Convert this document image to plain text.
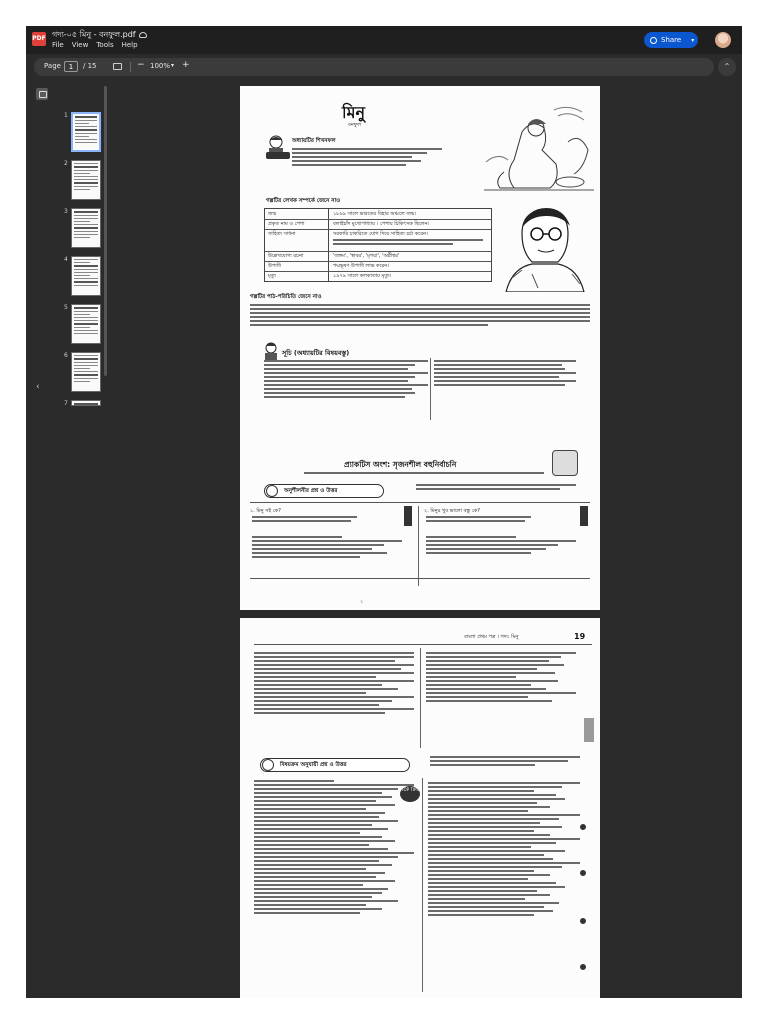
PDF গদ্য-০৫ মিনু - বনফুল.pdf
File View Tools Help
Share ▾
Page	1	/ 15	− 100% ▾ +	⌃
‹
1
2
3
4
5
6
7
মিনু
বনফুল
অধ্যায়টির শিখনফল
গল্পটির লেখক সম্পর্কে জেনে নাও
জন্ম	১৮৯৯ সালে ভারতের বিহার অঞ্চলে জন্ম।
প্রকৃত নাম ও পেশা	বলাইচাঁদ মুখোপাধ্যায় । পেশায় চিকিৎসক ছিলেন।
সাহিত্য সাধনা	সরকারি চাকরিতে যোগ দিয়ে সাহিত্য চর্চা করেন।
উল্লেখযোগ্য রচনা	'জঙ্গম', 'স্থাবর', 'মৃগয়া', 'অগ্নীশ্বর'
উপাধি	পদ্মভূষণ উপাধি লাভ করেন।
মৃত্যু	১৯৭৯ সালে কলকাতায় মৃত্যু।
গল্পটির পাঠ-পরিচিতি জেনে নাও
সূচি (অধ্যায়টির বিষয়বস্তু)
প্র্যাকটিস অংশ: সৃজনশীল বহুনির্বাচনি
অনুশীলনীর প্রশ্ন ও উত্তর
১. মিনু সই কে?	২. মিনুর খুব ভালো বন্ধু কে?
২
বাংলা প্রথম পত্র । গদ্য: মিনু	19
বিষয়ক্রম অনুযায়ী প্রশ্ন ও উত্তর
TOP TIPS
